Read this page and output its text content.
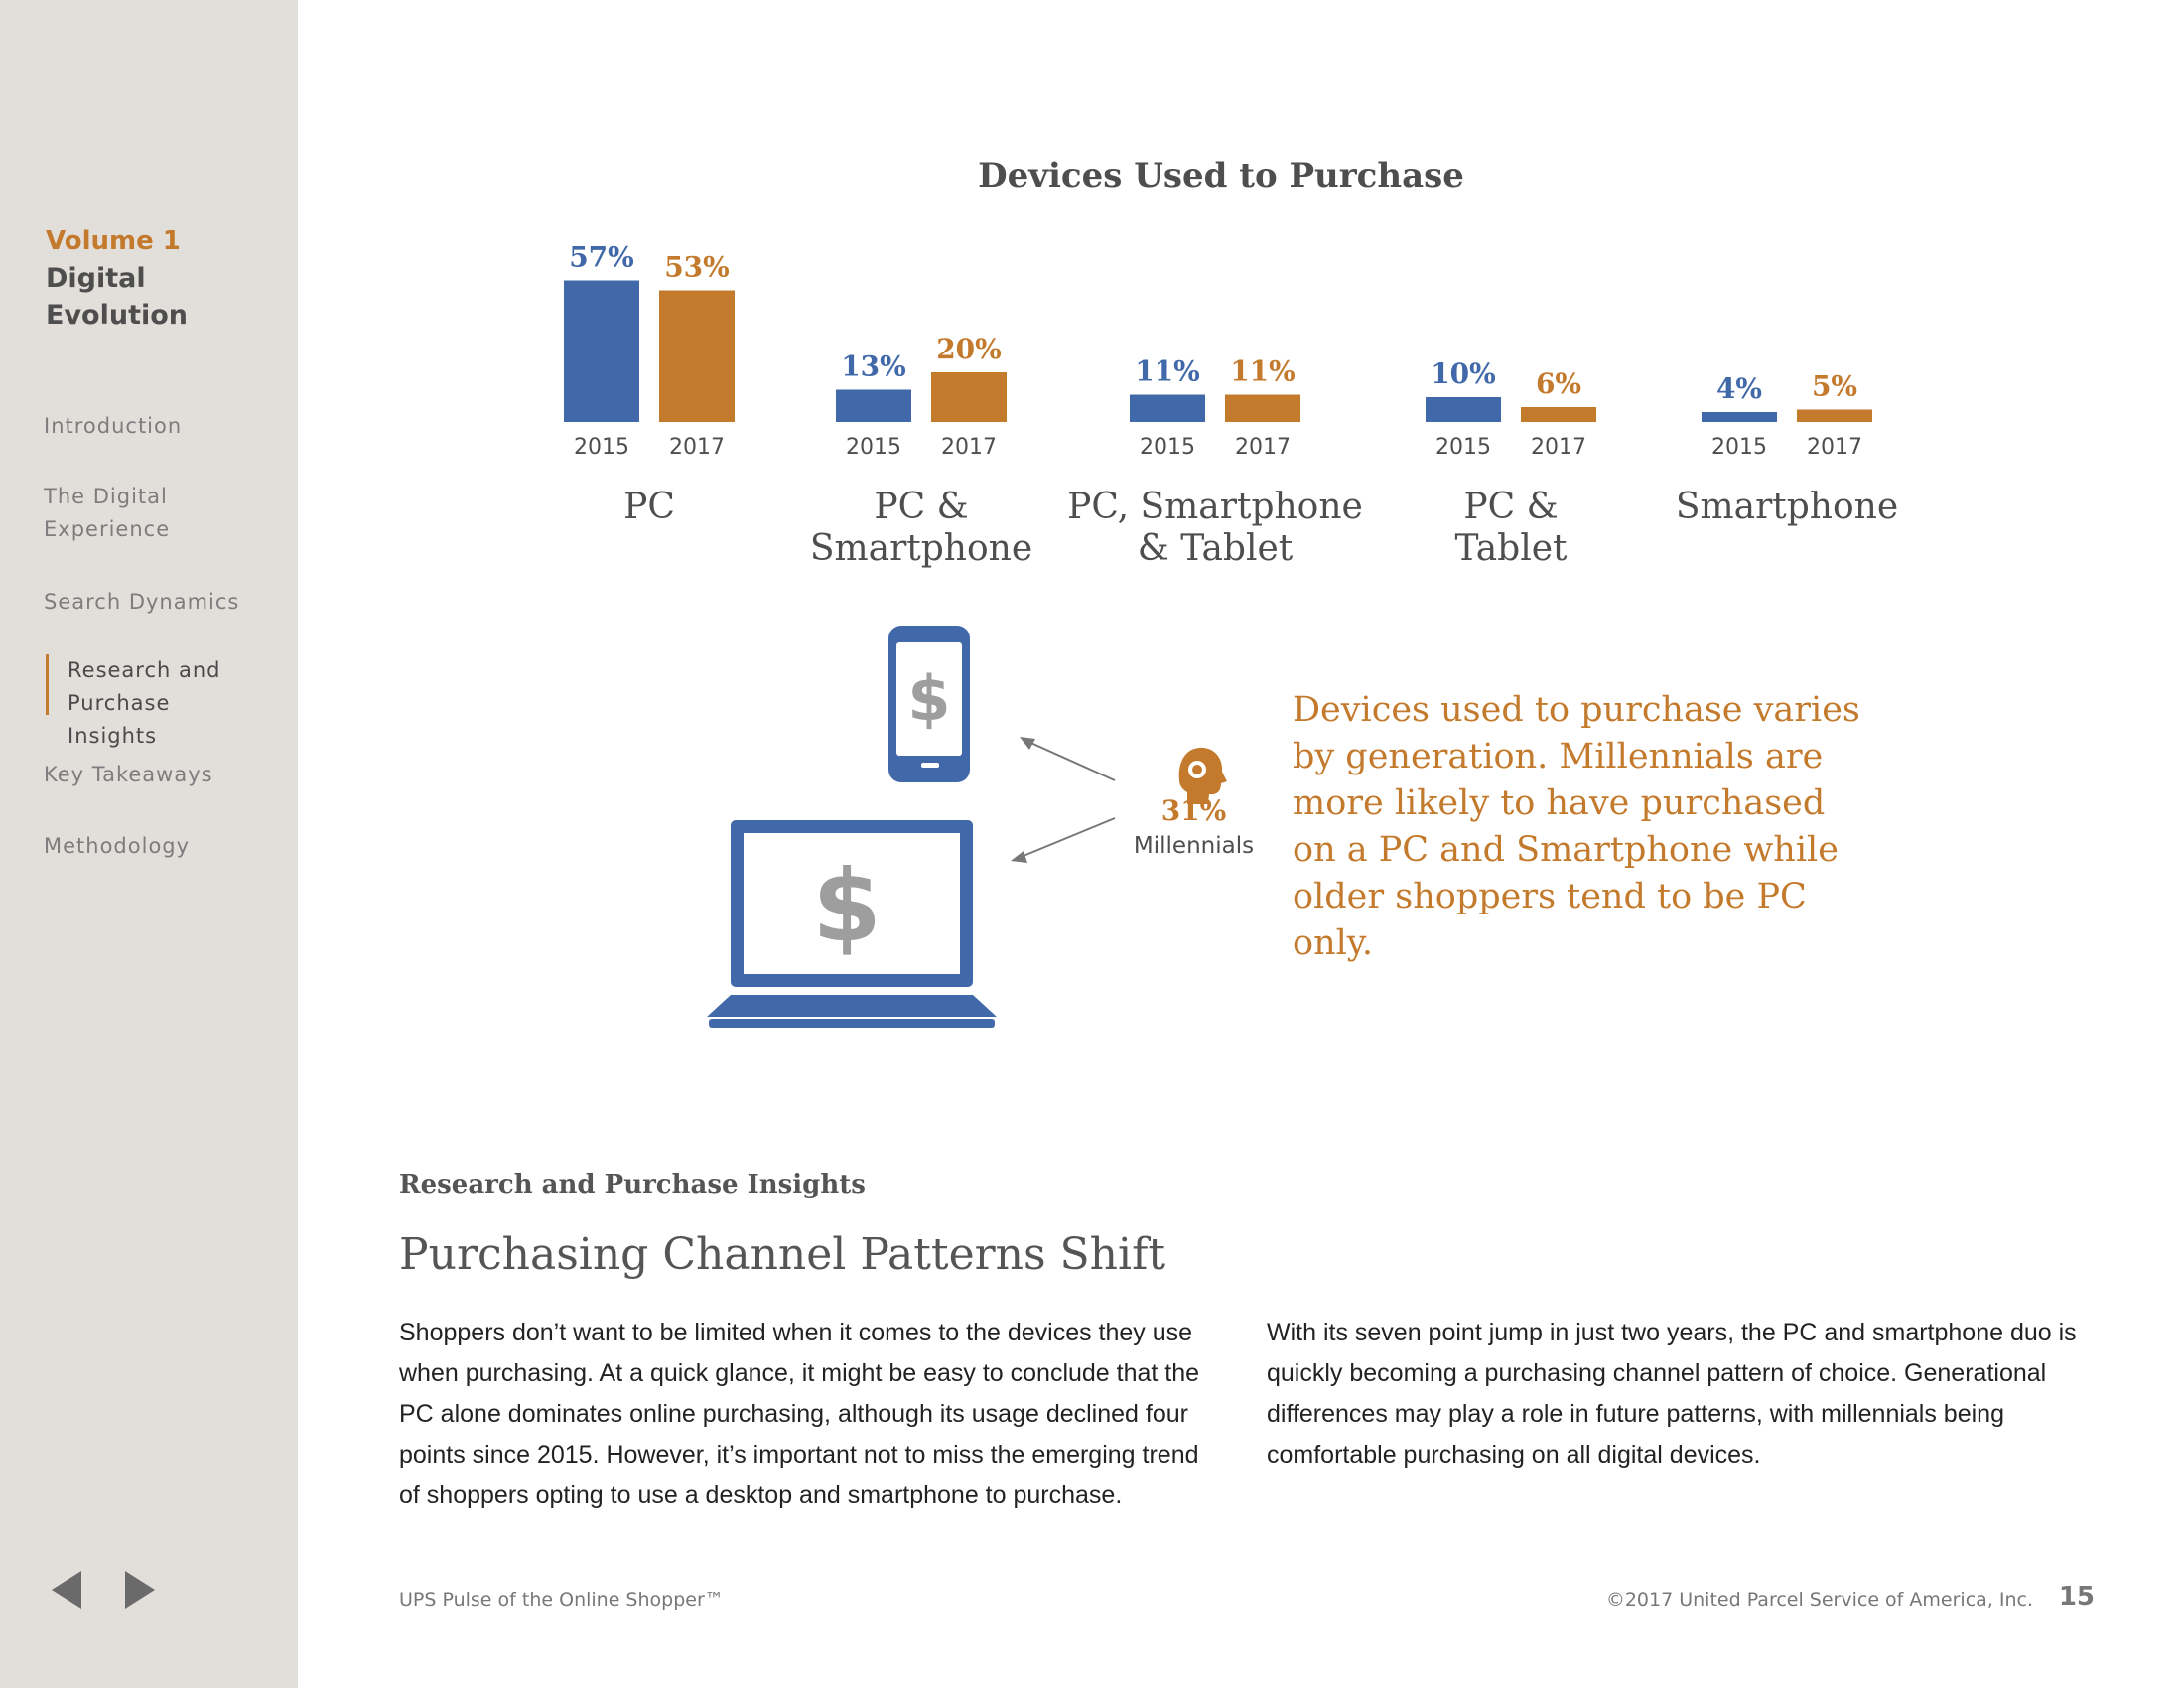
Volume 1
Digital Evolution
Introduction
The Digital Experience
Search Dynamics
Research and Purchase Insights
Key Takeaways
Methodology
Devices Used to Purchase
57%
2015
53%
2017
PC
13%
2015
20%
2017
PC &
Smartphone
11%
2015
11%
2017
PC, Smartphone
& Tablet
10%
2015
6%
2017
PC &
Tablet
4%
2015
5%
2017
Smartphone
$
$
31%
Millennials
Devices used to purchase varies by generation. Millennials are more likely to have purchased on a PC and Smartphone while older shoppers tend to be PC only.
Research and Purchase Insights
Purchasing Channel Patterns Shift
Shoppers don’t want to be limited when it comes to the devices they use when purchasing. At a quick glance, it might be easy to conclude that the PC alone dominates online purchasing, although its usage declined four points since 2015. However, it’s important not to miss the emerging trend of shoppers opting to use a desktop and smartphone to purchase.
With its seven point jump in just two years, the PC and smartphone duo is quickly becoming a purchasing channel pattern of choice. Generational differences may play a role in future patterns, with millennials being comfortable purchasing on all digital devices.
UPS Pulse of the Online Shopper™	©2017 United Parcel Service of America, Inc. 15
